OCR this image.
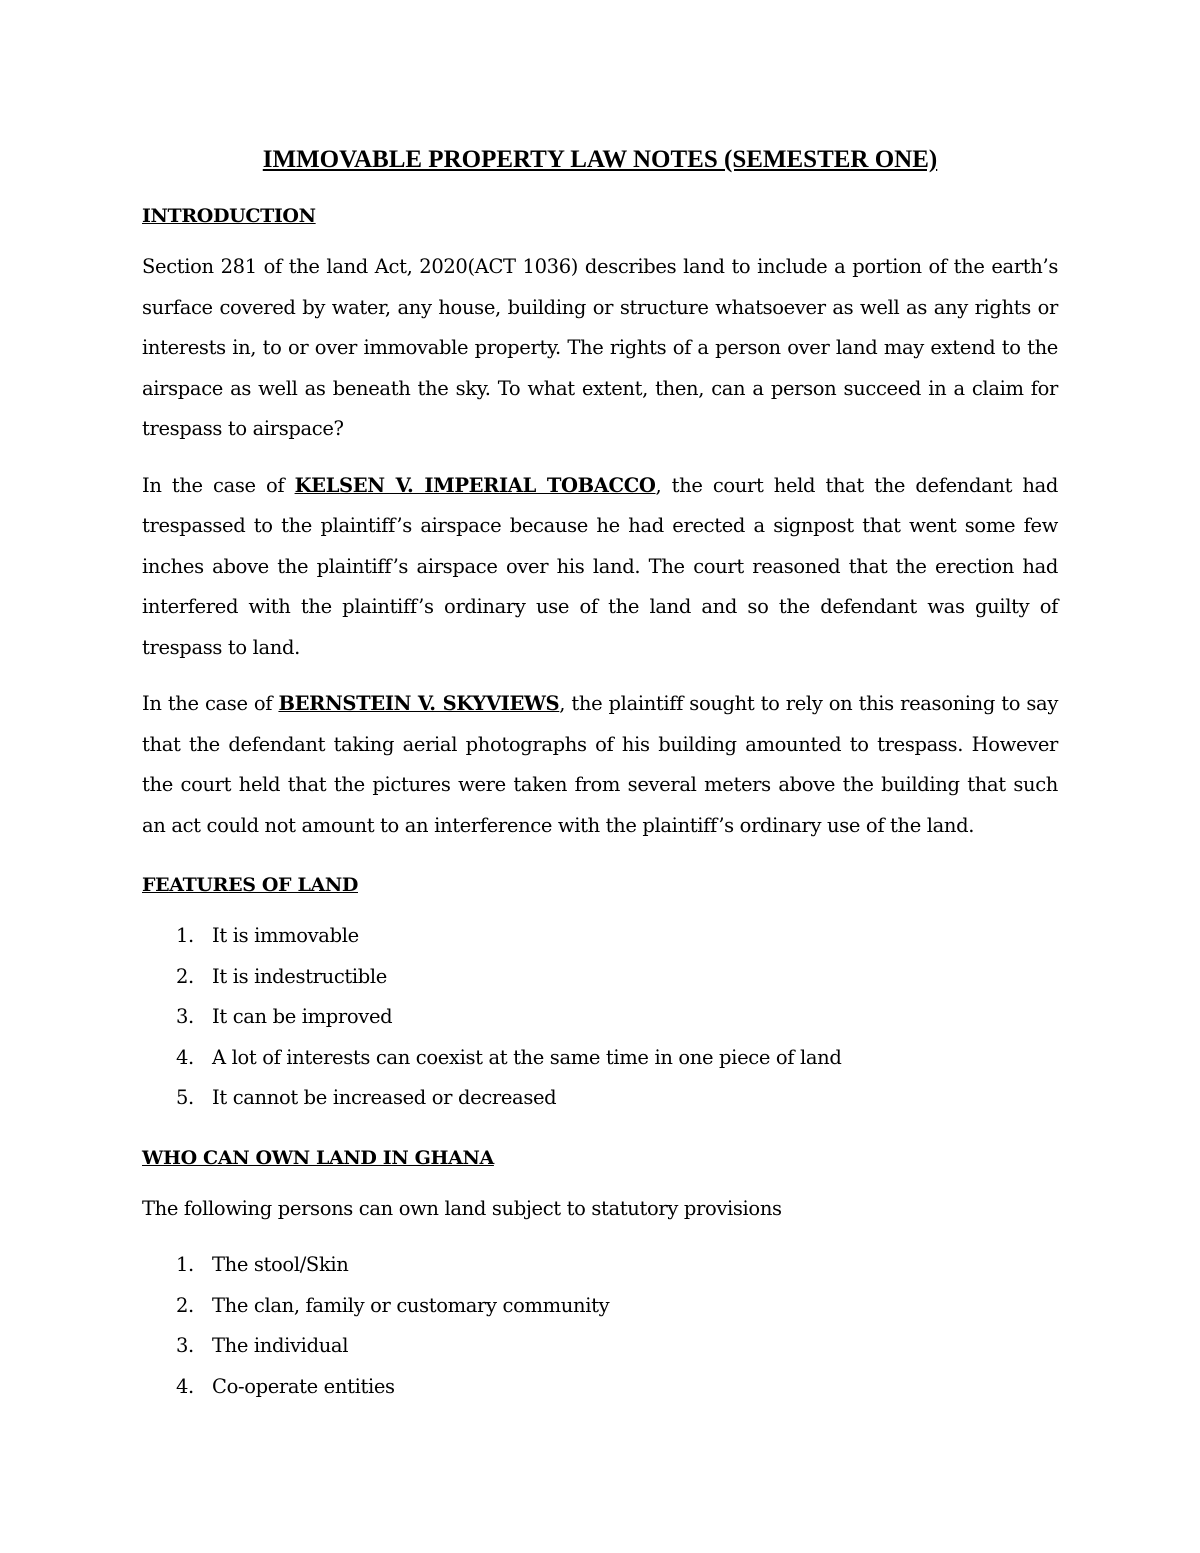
IMMOVABLE PROPERTY LAW NOTES (SEMESTER ONE)
INTRODUCTION

Section 281 of the land Act, 2020(ACT 1036) describes land to include a portion of the earth’s surface covered by water, any house, building or structure whatsoever as well as any rights or interests in, to or over immovable property. The rights of a person over land may extend to the airspace as well as beneath the sky. To what extent, then, can a person succeed in a claim for trespass to airspace?

In the case of KELSEN V. IMPERIAL TOBACCO, the court held that the defendant had trespassed to the plaintiff’s airspace because he had erected a signpost that went some few inches above the plaintiff’s airspace over his land. The court reasoned that the erection had interfered with the plaintiff’s ordinary use of the land and so the defendant was guilty of trespass to land.

In the case of BERNSTEIN V. SKYVIEWS, the plaintiff sought to rely on this reasoning to say that the defendant taking aerial photographs of his building amounted to trespass. However the court held that the pictures were taken from several meters above the building that such an act could not amount to an interference with the plaintiff’s ordinary use of the land.

FEATURES OF LAND
1. It is immovable
2. It is indestructible
3. It can be improved
4. A lot of interests can coexist at the same time in one piece of land
5. It cannot be increased or decreased
WHO CAN OWN LAND IN GHANA

The following persons can own land subject to statutory provisions

1. The stool/Skin
2. The clan, family or customary community
3. The individual
4. Co-operate entities
